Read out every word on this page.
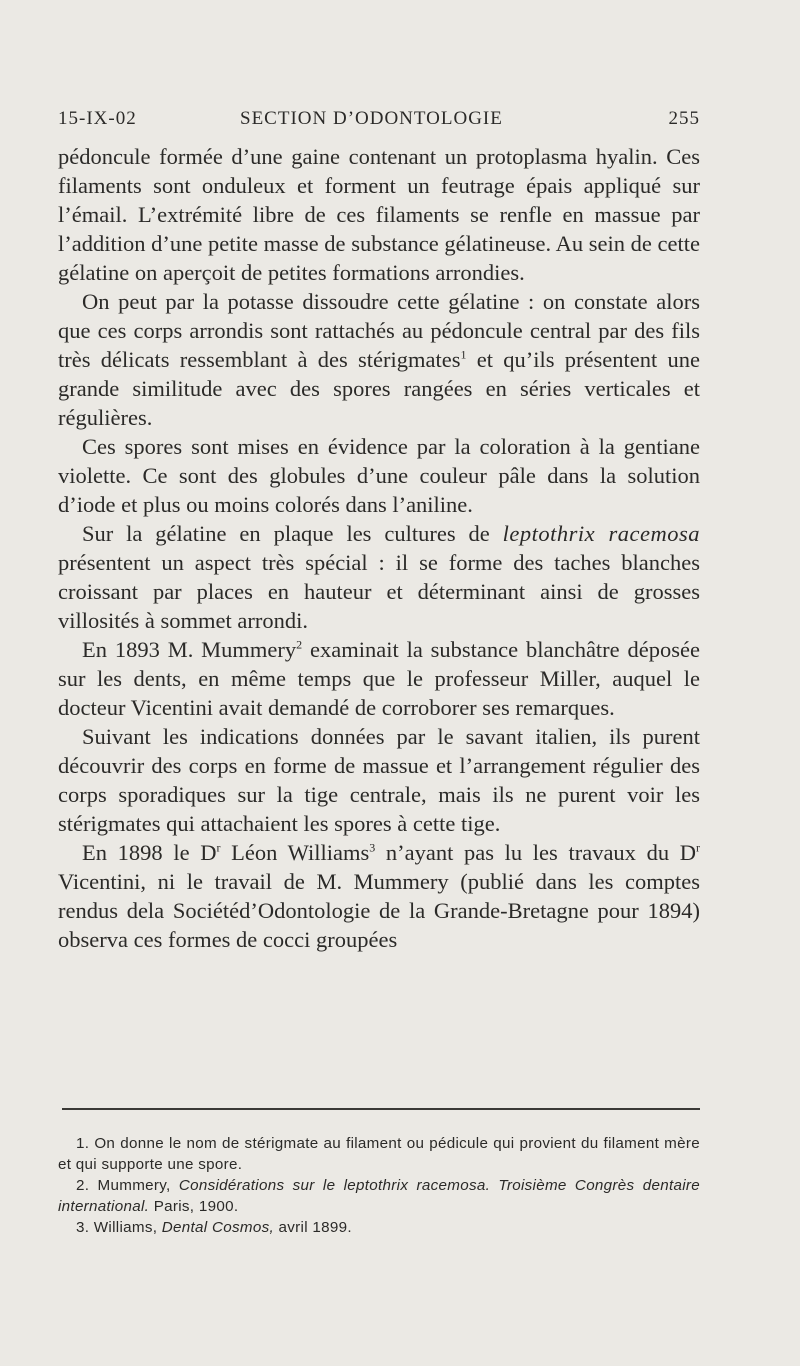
15-IX-02	SECTION D’ODONTOLOGIE	255

pédoncule formée d’une gaine contenant un protoplasma hyalin. Ces filaments sont onduleux et forment un feutrage épais appliqué sur l’émail. L’extrémité libre de ces filaments se renfle en massue par l’addition d’une petite masse de substance gélatineuse. Au sein de cette gélatine on aperçoit de petites formations arrondies.

On peut par la potasse dissoudre cette gélatine : on constate alors que ces corps arrondis sont rattachés au pédoncule central par des fils très délicats ressemblant à des stérigmates$^1$ et qu’ils présentent une grande similitude avec des spores rangées en séries verticales et régulières.

Ces spores sont mises en évidence par la coloration à la gentiane violette. Ce sont des globules d’une couleur pâle dans la solution d’iode et plus ou moins colorés dans l’aniline.

Sur la gélatine en plaque les cultures de leptothrix racemosa présentent un aspect très spécial : il se forme des taches blanches croissant par places en hauteur et déterminant ainsi de grosses villosités à sommet arrondi.

En 1893 M. Mummery$^2$ examinait la substance blanchâtre déposée sur les dents, en même temps que le professeur Miller, auquel le docteur Vicentini avait demandé de corroborer ses remarques.

Suivant les indications données par le savant italien, ils purent découvrir des corps en forme de massue et l’arrangement régulier des corps sporadiques sur la tige centrale, mais ils ne purent voir les stérigmates qui attachaient les spores à cette tige.

En 1898 le $D^r$ Léon Williams$^3$ n’ayant pas lu les travaux du $D^r$ Vicentini, ni le travail de M. Mummery (publié dans les comptes rendus dela Sociétéd’Odontologie de la Grande-Bretagne pour 1894) observa ces formes de cocci groupées

1. On donne le nom de stérigmate au filament ou pédicule qui provient du filament mère et qui supporte une spore.

2. Mummery, Considérations sur le leptothrix racemosa. Troisième Congrès dentaire international. Paris, 1900.

3. Williams, Dental Cosmos, avril 1899.
